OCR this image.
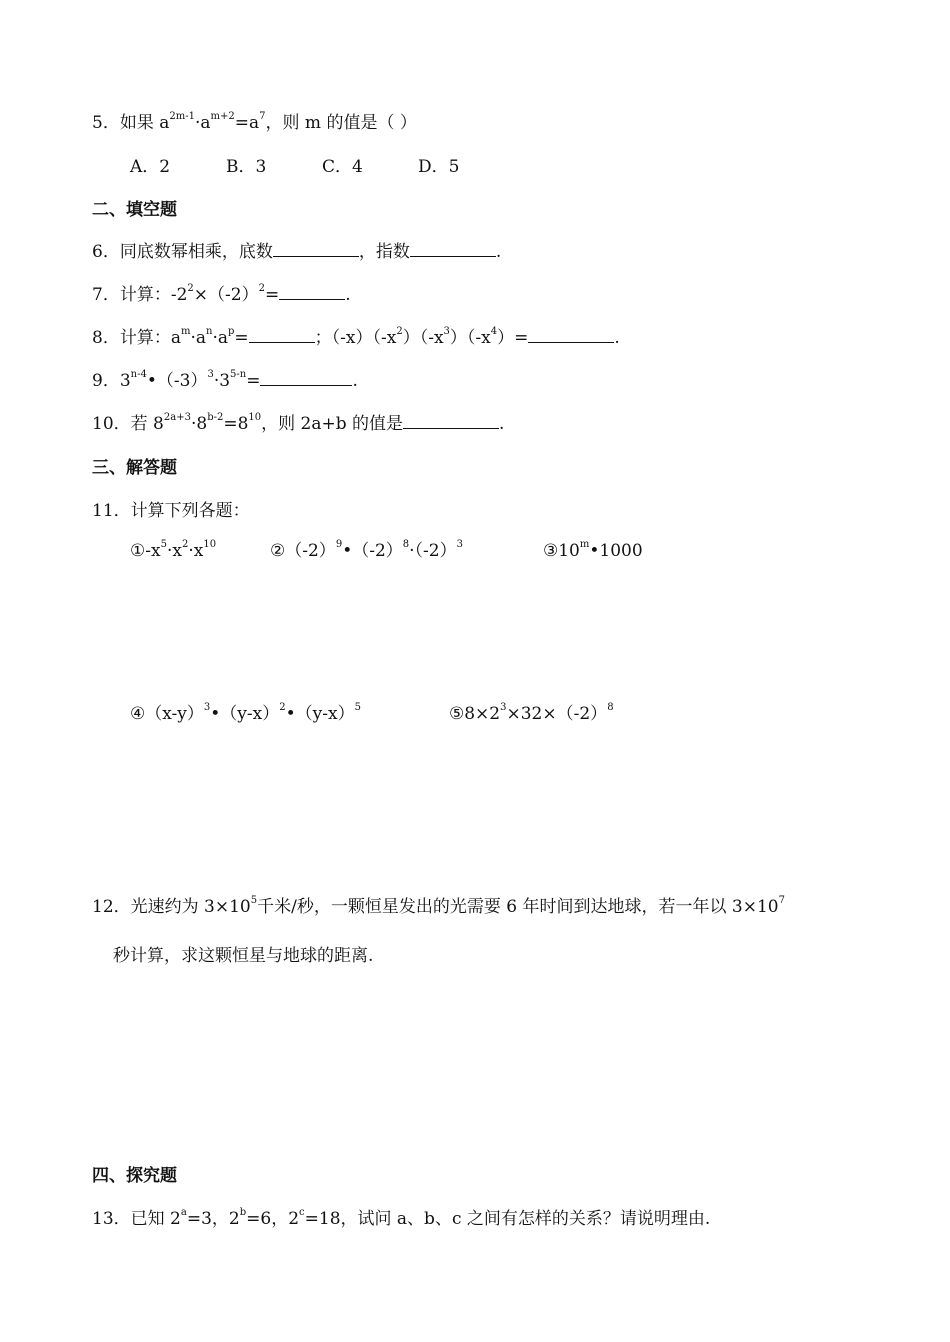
5．如果 $a^{2m-1}\cdot a^{m+2}=a^7$，则 m 的值是（ ）
A．2	B．3	C．4	D．5
二、填空题
6．同底数幂相乘，底数	，指数	.
7．计算：$-2^2\times(-2)^2=$	.
8．计算：$a^m\cdot a^n\cdot a^p=$	；$(-x)(-x^2)(-x^3)(-x^4)=$	.
9．$3^{n-4}•(-3)^3\cdot 3^{5-n}=$	.
10．若 $8^{2a+3}\cdot 8^{b-2}=8^{10}$，则 2a+b 的值是	.
三、解答题
11．计算下列各题：
$①-x^5\cdot x^2\cdot x^{10}$	$②(-2)^9•(-2)^8\cdot(-2)^3$	③10$^m$•1000
$④(x-y)^3•(y-x)^2•(y-x)^5$	$⑤8\times 2^3\times 32\times(-2)^8$
12．光速约为 $3\times 10^5$千米/秒，一颗恒星发出的光需要 6 年时间到达地球，若一年以 $3\times 10^7$
秒计算，求这颗恒星与地球的距离.
四、探究题
13．已知 $2^a=3$，$2^b=6$，$2^c=18$，试问 a、b、c 之间有怎样的关系？请说明理由.
